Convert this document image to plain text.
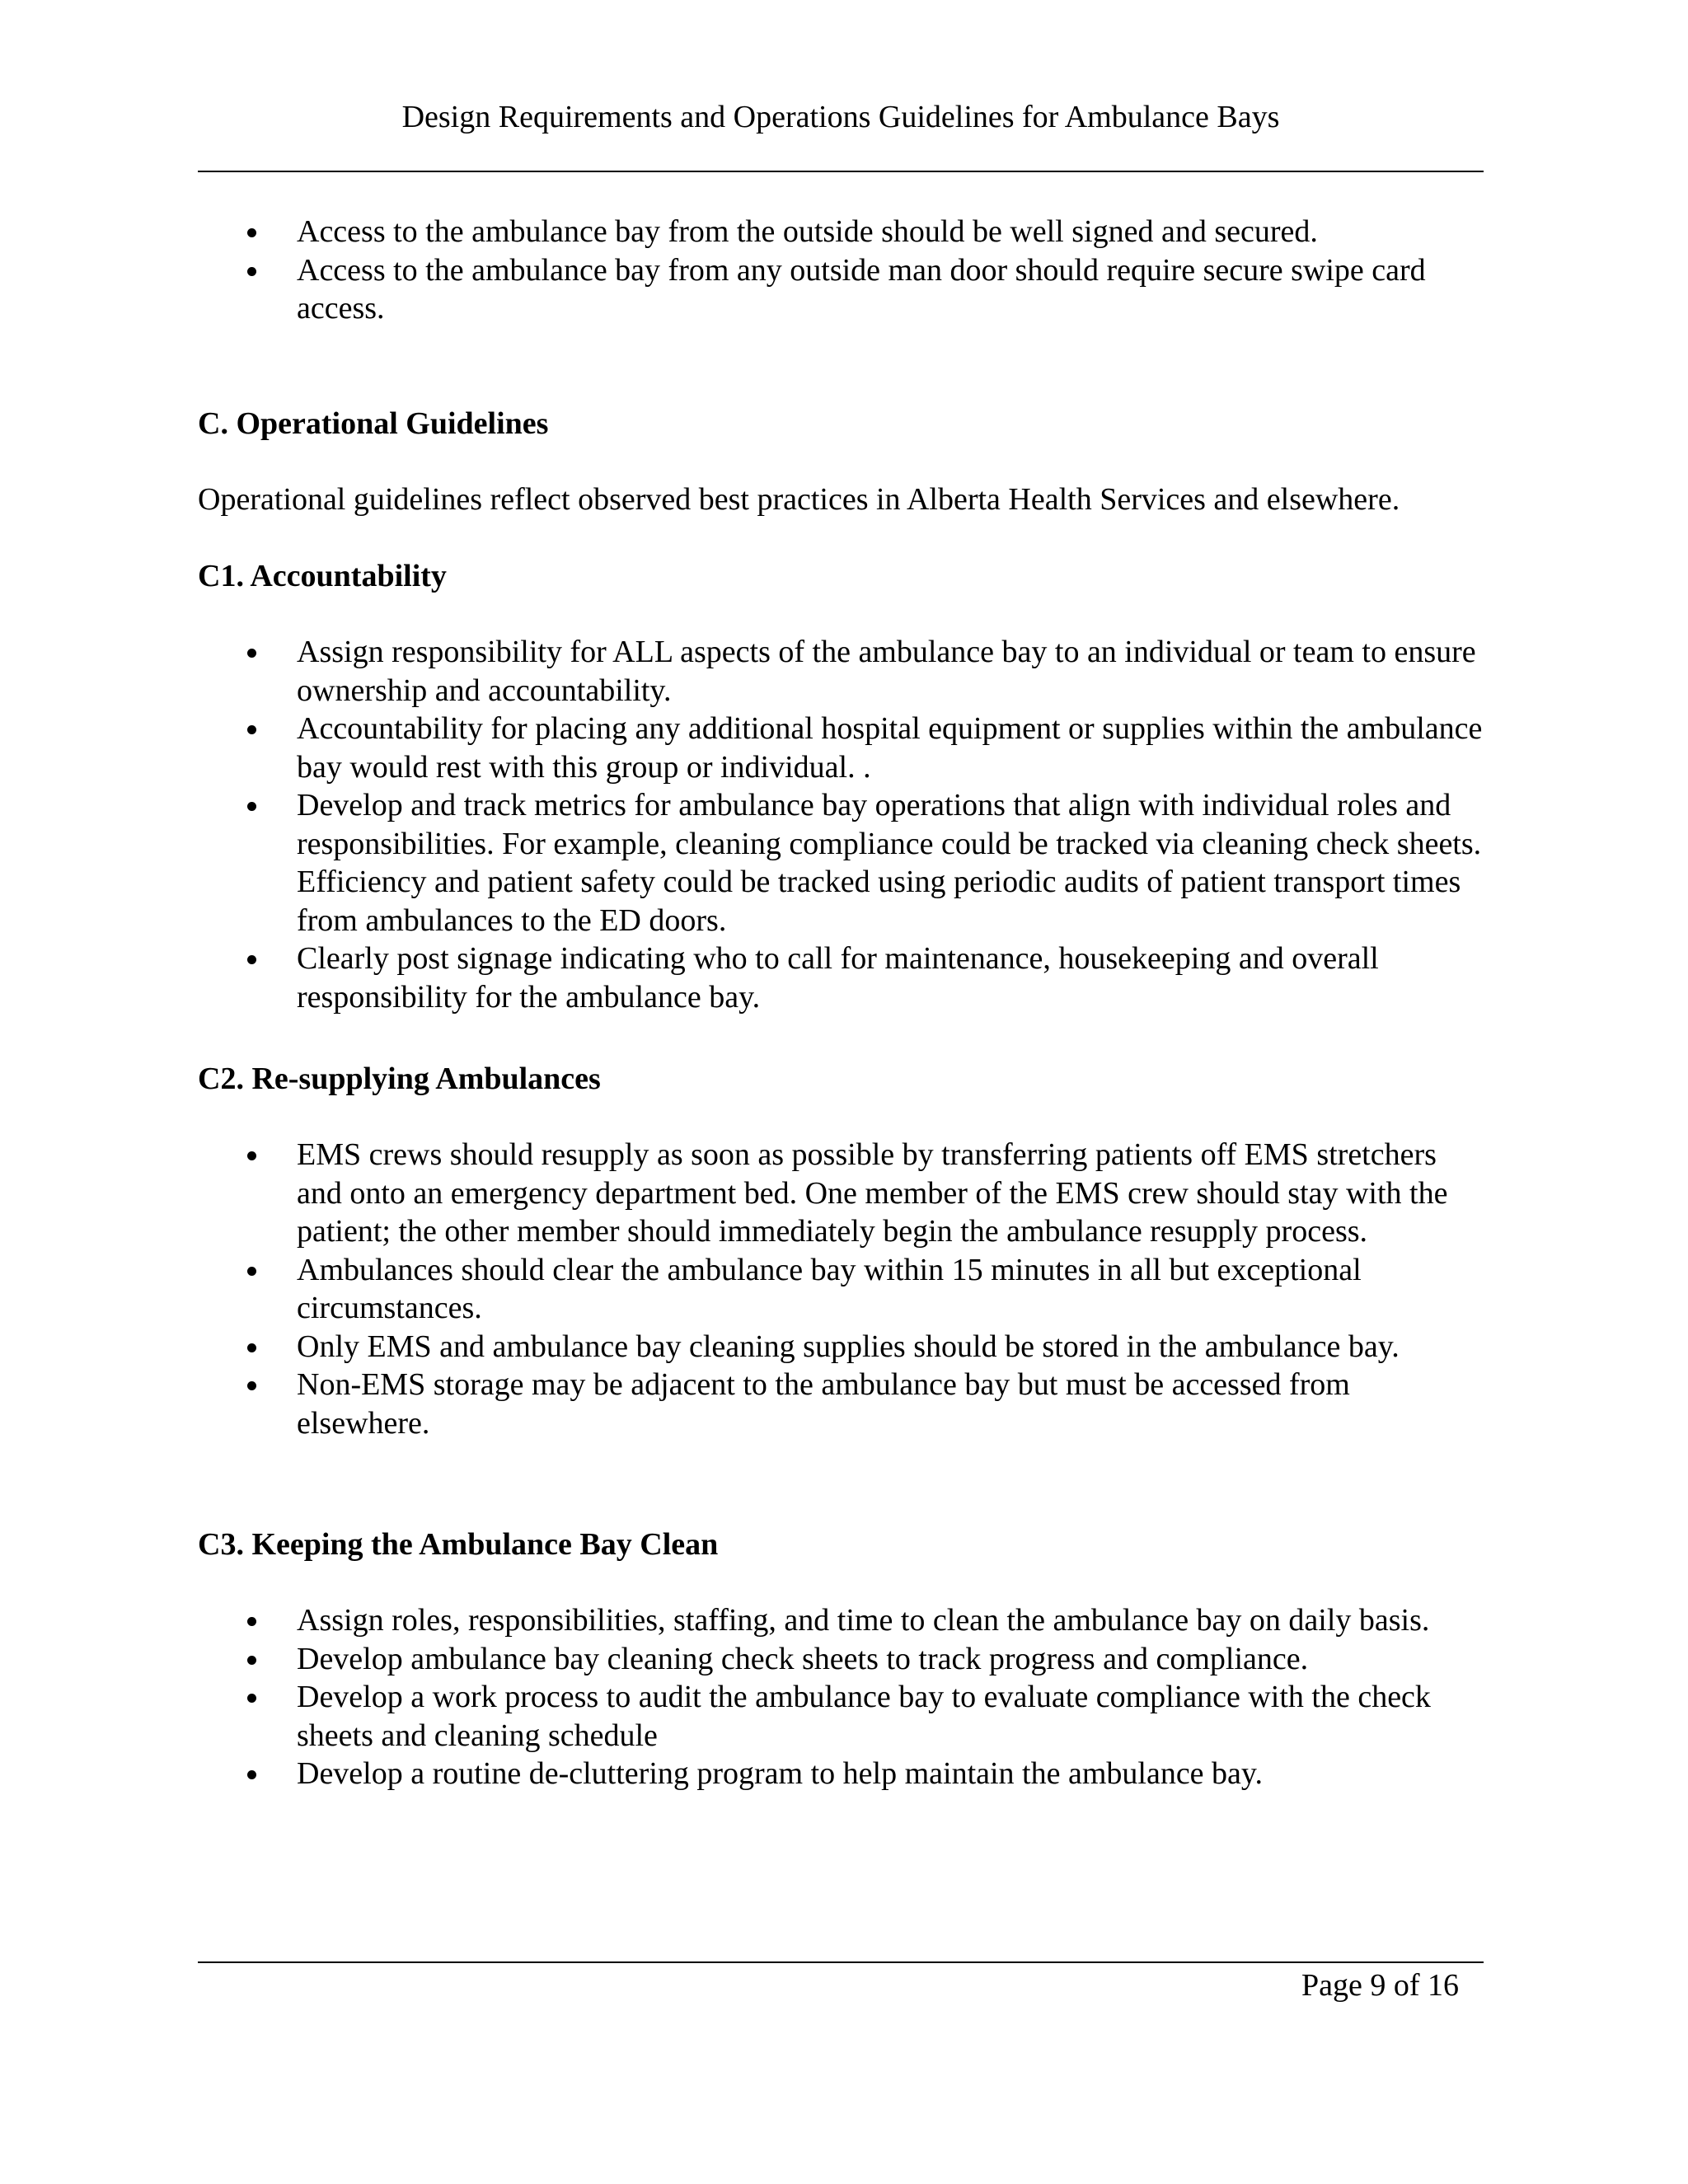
Design Requirements and Operations Guidelines for Ambulance Bays
Access to the ambulance bay from the outside should be well signed and secured.
Access to the ambulance bay from any outside man door should require secure swipe card access.
C. Operational Guidelines

Operational guidelines reflect observed best practices in Alberta Health Services and elsewhere.

C1. Accountability
Assign responsibility for ALL aspects of the ambulance bay to an individual or team to ensure ownership and accountability.
Accountability for placing any additional hospital equipment or supplies within the ambulance bay would rest with this group or individual. .
Develop and track metrics for ambulance bay operations that align with individual roles and responsibilities. For example, cleaning compliance could be tracked via cleaning check sheets. Efficiency and patient safety could be tracked using periodic audits of patient transport times from ambulances to the ED doors.
Clearly post signage indicating who to call for maintenance, housekeeping and overall responsibility for the ambulance bay.
C2. Re-supplying Ambulances
EMS crews should resupply as soon as possible by transferring patients off EMS stretchers and onto an emergency department bed. One member of the EMS crew should stay with the patient; the other member should immediately begin the ambulance resupply process.
Ambulances should clear the ambulance bay within 15 minutes in all but exceptional circumstances.
Only EMS and ambulance bay cleaning supplies should be stored in the ambulance bay.
Non-EMS storage may be adjacent to the ambulance bay but must be accessed from elsewhere.
C3. Keeping the Ambulance Bay Clean
Assign roles, responsibilities, staffing, and time to clean the ambulance bay on daily basis.
Develop ambulance bay cleaning check sheets to track progress and compliance.
Develop a work process to audit the ambulance bay to evaluate compliance with the check sheets and cleaning schedule
Develop a routine de-cluttering program to help maintain the ambulance bay.
Page 9 of 16
